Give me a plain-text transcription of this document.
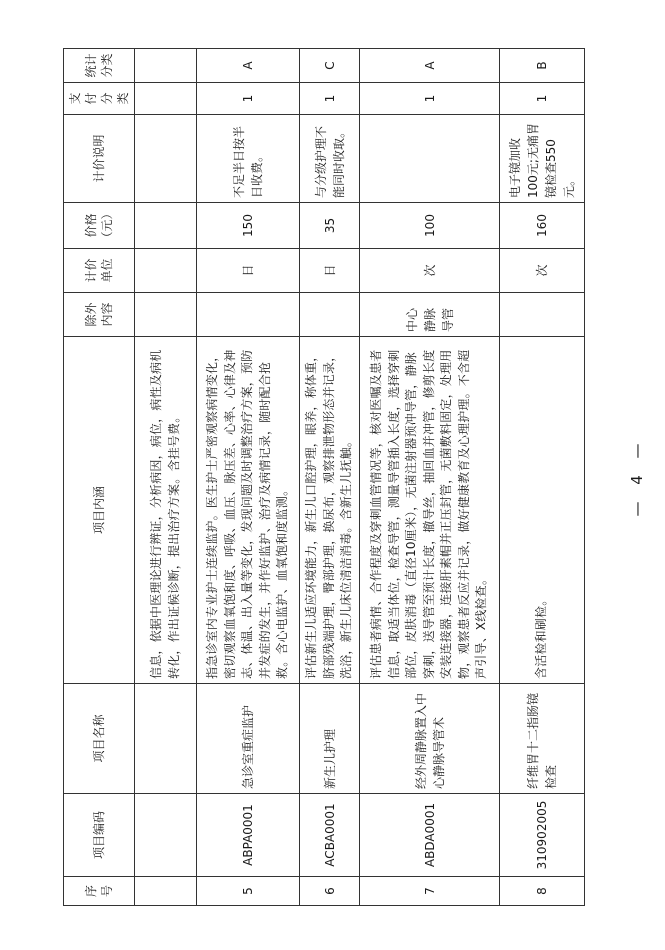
序号	项目编码	项目名称	项目内涵	除外内容	计价单位	价格（元）	计价说明	支付分类	统计分类
			信息，依据中医理论进行辨证，分析病因，病位，病性及病机转化，作出证候诊断，提出治疗方案。含挂号费。						
5	ABPA0001	急诊室重症监护	指急诊室内专业护士连续监护。医生护士严密观察病情变化，密切观察血氧饱和度、呼吸、血压、脉压差、心率、心律及神志、体温、出入量等变化，发现问题及时调整治疗方案，预防并发症的发生，并作好监护、治疗及病情记录，随时配合抢救。含心电监护、血氧饱和度监测。		日	150	不足半日按半日收费。	1	A
6	ACBA0001	新生儿护理	评估新生儿适应环境能力，新生儿口腔护理，眼养，称体重，脐部残端护理，臀部护理，换尿布，观察排泄物形态并记录，洗浴，新生儿床位清洁消毒。含新生儿抚触。		日	35	与分级护理不能同时收取。	1	C
7	ABDA0001	经外周静脉置入中心静脉导管术	评估患者病情、合作程度及穿刺血管情况等，核对医嘱及患者信息，取适当体位，检查导管，测量导管插入长度，选择穿刺部位，皮肤消毒（直径10厘米），无菌注射器预冲导管，静脉穿刺，送导管至预计长度，撤导丝，抽回血并冲管，修剪长度安装连接器，连接肝素帽并正压封管，无菌敷料固定，处理用物，观察患者反应并记录，做好健康教育及心理护理。不含超声引导、X线检查。	中心静脉导管	次	100		1	A
8	310902005	纤维胃十二指肠镜检查	含活检和刷检。		次	160	电子镜加收100元;无痛胃镜检查550元。	1	B
— 4 —
